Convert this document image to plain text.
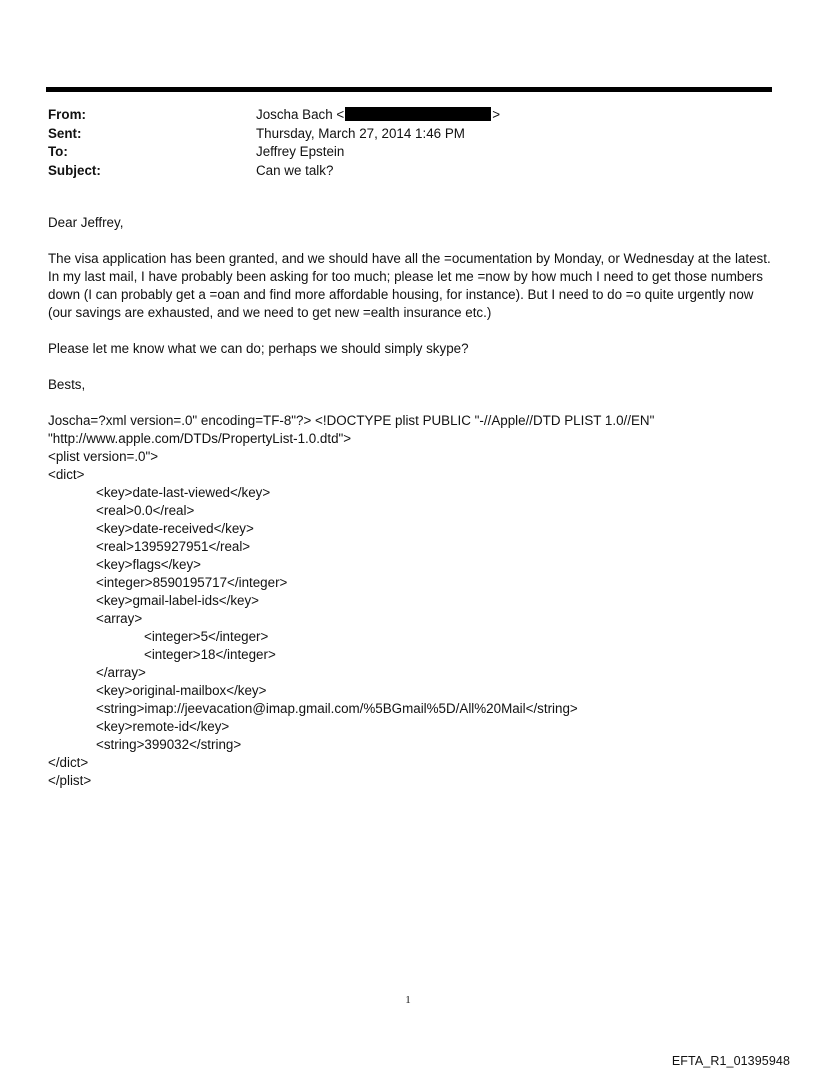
From:	Joscha Bach <	>
Sent:	Thursday, March 27, 2014 1:46 PM
To:	Jeffrey Epstein
Subject:	Can we talk?

Dear Jeffrey,

The visa application has been granted, and we should have all the =ocumentation by Monday, or Wednesday at the latest.

In my last mail, I have probably been asking for too much; please let me =now by how much I need to get those numbers down (I can probably get a =oan and find more affordable housing, for instance). But I need to do =o quite urgently now (our savings are exhausted, and we need to get new =ealth insurance etc.)

Please let me know what we can do; perhaps we should simply skype?

Bests,

Joscha=?xml version=.0" encoding=TF-8"?> <!DOCTYPE plist PUBLIC "-//Apple//DTD PLIST 1.0//EN"
"http://www.apple.com/DTDs/PropertyList-1.0.dtd">
<plist version=.0">
<dict>
<key>date-last-viewed</key>
<real>0.0</real>
<key>date-received</key>
<real>1395927951</real>
<key>flags</key>
<integer>8590195717</integer>
<key>gmail-label-ids</key>
<array>
<integer>5</integer>
<integer>18</integer>
</array>
<key>original-mailbox</key>
<string>imap://jeevacation@imap.gmail.com/%5BGmail%5D/All%20Mail</string>
<key>remote-id</key>
<string>399032</string>
</dict>
</plist>
1
EFTA_R1_01395948
